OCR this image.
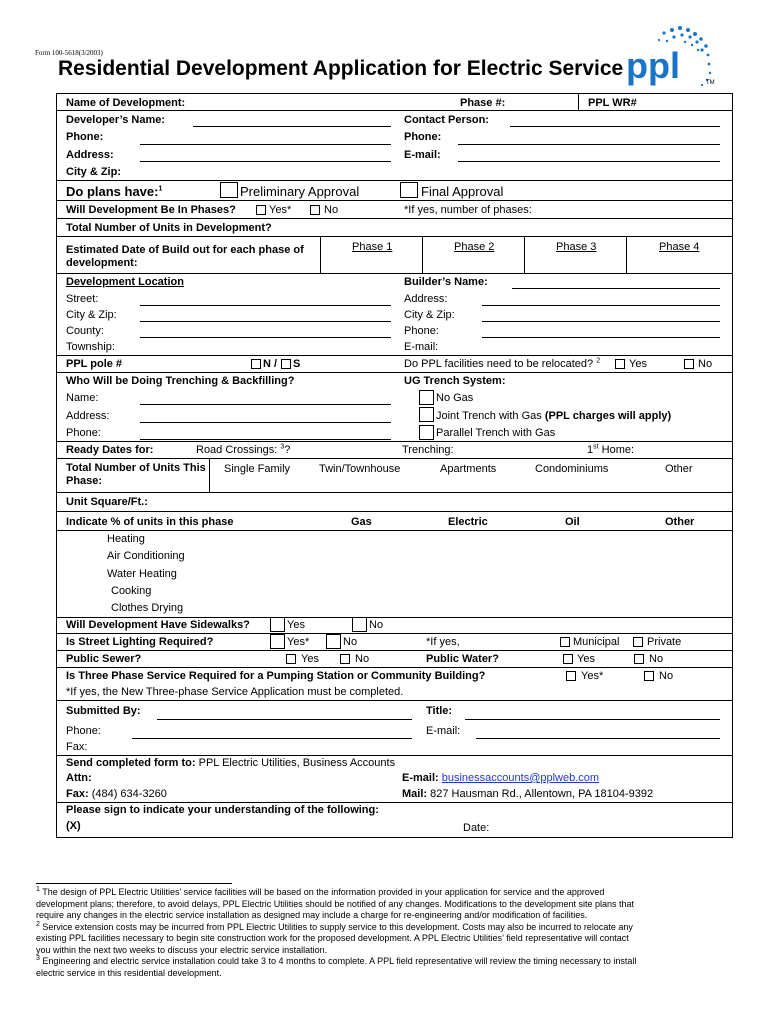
Form 100-5618(3/2003)
Residential Development Application for Electric Service ppl	TM
Name of Development:	Phase #:	PPL WR#
Developer’s Name:	Contact Person:
Phone:	Phone:
Address:	E-mail:
City & Zip:
Do plans have:$^1$	Preliminary Approval	Final Approval
Will Development Be In Phases?	Yes*	No	*If yes, number of phases:
Total Number of Units in Development?
Estimated Date of Build out for each phase of development:
Phase 1	Phase 2	Phase 3	Phase 4
Development Location	Builder’s Name:
Street:	Address:
City & Zip:	City & Zip:
County:	Phone:
Township:	E-mail:
PPL pole #	N / S	Do PPL facilities need to be relocated? $^2$	Yes	No
Who Will be Doing Trenching & Backfilling?	UG Trench System:
Name:	No Gas
Address:	Joint Trench with Gas (PPL charges will apply)
Phone:	Parallel Trench with Gas
Ready Dates for:	Road Crossings: $^3$?	Trenching:	1st Home:
Total Number of Units This Phase:
Single Family	Twin/Townhouse	Apartments	Condominiums	Other
Unit Square/Ft.:
Indicate % of units in this phase	Gas	Electric	Oil	Other
Heating
Air Conditioning
Water Heating
Cooking
Clothes Drying
Will Development Have Sidewalks?	Yes	No
Is Street Lighting Required?	Yes*	No	*If yes,	Municipal	Private
Public Sewer?	Yes	No	Public Water?	Yes	No
Is Three Phase Service Required for a Pumping Station or Community Building?	Yes*	No
*If yes, the New Three-phase Service Application must be completed.
Submitted By:	Title:
Phone:	E-mail:
Fax:
Send completed form to: PPL Electric Utilities, Business Accounts
Attn:	E-mail: businessaccounts@pplweb.com
Fax: (484) 634-3260	Mail: 827 Hausman Rd., Allentown, PA 18104-9392
Please sign to indicate your understanding of the following:
(X)	Date:
$^1$ The design of PPL Electric Utilities’ service facilities will be based on the information provided in your application for service and the approved
development plans; therefore, to avoid delays, PPL Electric Utilities should be notified of any changes. Modifications to the development site plans that
require any changes in the electric service installation as designed may include a charge for re-engineering and/or modification of facilities.
$^2$ Service extension costs may be incurred from PPL Electric Utilities to supply service to this development. Costs may also be incurred to relocate any
existing PPL facilities necessary to begin site construction work for the proposed development. A PPL Electric Utilities’ field representative will contact
you within the next two weeks to discuss your electric service installation.
$^3$ Engineering and electric service installation could take 3 to 4 months to complete. A PPL field representative will review the timing necessary to install
electric service in this residential development.
